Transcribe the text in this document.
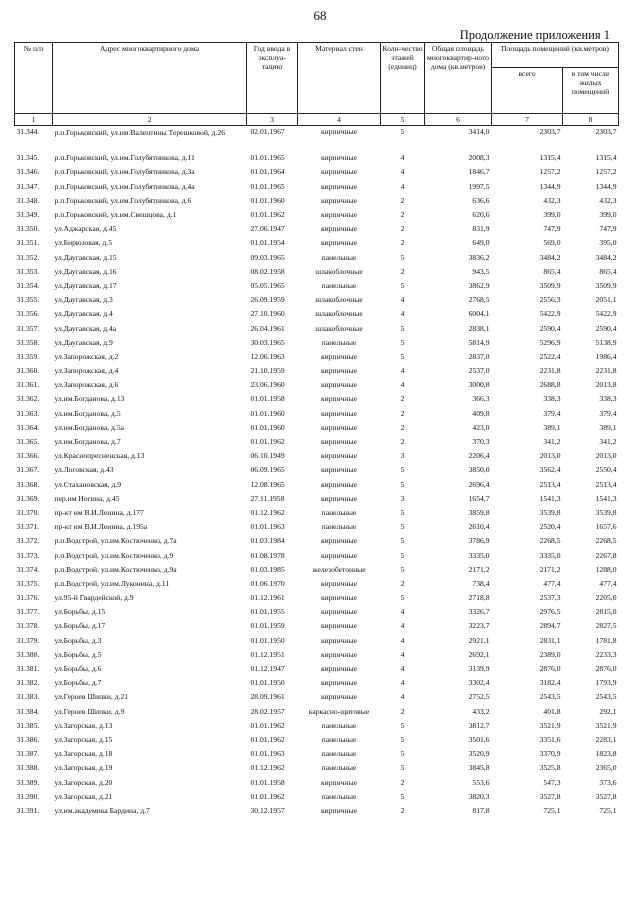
68
Продолжение приложения 1
№ п/п	Адрес многоквартирного дома	Год ввода в эксплуа-тацию	Материал стен	Коли-чество этажей (единиц)	Общая площадь многоквартир-ного дома (кв.метров)	Площадь помещений (кв.метров)	
						всего	в том числе жилых помещений
1	2	3	4	5	6	7	8
31.344.	р.п.Горьковский, ул.им.Валентины Терешковой, д.26	02.01.1967	кирпичные	5	3414,0	2303,7	2303,7
31.345.	р.п.Горьковский, ул.им.Голубятникова, д.11	01.01.1965	кирпичные	4	2008,3	1315,4	1315,4
31.346.	р.п.Горьковский, ул.им.Голубятникова, д.3а	01.01.1964	кирпичные	4	1846,7	1257,2	1257,2
31.347.	р.п.Горьковский, ул.им.Голубятникова, д.4а	01.01.1965	кирпичные	4	1997,5	1344,9	1344,9
31.348.	р.п.Горьковский, ул.им.Голубятникова, д.6	01.01.1960	кирпичные	2	636,6	432,3	432,3
31.349.	р.п.Горьковский, ул.им.Свешцова, д.1	01.01.1962	кирпичные	2	620,6	399,0	399,0
31.350.	ул.Аджарская, д.45	27.06.1947	кирпичные	2	831,9	747,9	747,9
31.351.	ул.Бирюзовая, д.5	01.01.1954	кирпичные	2	649,0	569,0	395,0
31.352.	ул.Даугавская, д.15	09.03.1965	панельные	5	3836,2	3484,2	3484,2
31.353.	ул.Даугавская, д.16	08.02.1958	шлакоблочные	2	943,5	865,4	865,4
31.354.	ул.Даугавская, д.17	05.05.1965	панельные	5	3862,9	3509,9	3509,9
31.355.	ул.Даугавская, д.3	26.09.1959	шлакоблочные	4	2768,5	2556,3	2051,1
31.356.	ул.Даугавская, д.4	27.10.1960	шлакоблочные	4	6004,1	5422,9	5422,9
31.357.	ул.Даугавская, д.4а	26.04.1961	шлакоблочные	5	2838,1	2590,4	2590,4
31.358.	ул.Даугавская, д.9	30.03.1965	панельные	5	5814,9	5296,9	5138,9
31.359.	ул.Запорожская, д.2	12.06.1963	кирпичные	5	2837,0	2522,4	1986,4
31.360.	ул.Запорожская, д.4	21.10.1959	кирпичные	4	2537,0	2231,8	2231,8
31.361.	ул.Запорожская, д.6	23.06.1960	кирпичные	4	3000,8	2688,8	2013,8
31.362.	ул.им.Богданова, д.13	01.01.1958	кирпичные	2	366,3	338,3	338,3
31.363.	ул.им.Богданова, д.5	01.01.1960	кирпичные	2	409,8	379,4	379,4
31.364.	ул.им.Богданова, д.5а	01.01.1960	кирпичные	2	423,0	389,1	389,1
31.365.	ул.им.Богданова, д.7	01.01.1962	кирпичные	2	370,3	341,2	341,2
31.366.	ул.Краснопресненская, д.13	06.10.1949	кирпичные	3	2206,4	2013,0	2013,0
31.367.	ул.Логовская, д.43	06.09.1965	кирпичные	5	3850,0	3562,4	2550,4
31.368.	ул.Стахановская, д.9	12.08.1965	кирпичные	5	2696,4	2513,4	2513,4
31.369.	пер.им Ногина, д.45	27.11.1958	кирпичные	3	1654,7	1541,3	1541,3
31.370.	пр-кт им В.И.Ленина, д.177	01.12.1962	панельные	5	3859,8	3539,8	3539,8
31.371.	пр-кт им В.И.Ленина, д.195а	01.01.1963	панельные	5	2610,4	2520,4	1657,6
31.372.	р.п.Водстрой, ул.им.Костюченко, д.7а	01.03.1984	кирпичные	5	3786,9	2268,5	2268,5
31.373.	р.п.Водстрой, ул.им.Костюченко, д.9	01.08.1978	кирпичные	5	3335,0	3335,0	2267,8
31.374.	р.п.Водстрой, ул.им.Костюченко, д.9а	01.03.1985	железобетонные	5	2171,2	2171,2	1288,0
31.375.	р.п.Водстрой, ул.им.Луконина, д.11	01.06.1970	кирпичные	2	738,4	477,4	477,4
31.376.	ул.95-й Гвардейской, д.9	01.12.1961	кирпичные	5	2718,8	2537,3	2205,0
31.377.	ул.Борьбы, д.15	01.01.1955	кирпичные	4	3326,7	2976,5	2815,0
31.378.	ул.Борьбы, д.17	01.01.1959	кирпичные	4	3223,7	2894,7	2827,5
31.379.	ул.Борьбы, д.3	01.01.1950	кирпичные	4	2921,1	2831,1	1781,8
31.380.	ул.Борьбы, д.5	01.12.1951	кирпичные	4	2692,1	2389,0	2233,3
31.381.	ул.Борьбы, д.6	01.12.1947	кирпичные	4	3139,9	2876,0	2876,0
31.382.	ул.Борьбы, д.7	01.01.1950	кирпичные	4	3302,4	3182,4	1793,9
31.383.	ул.Героев Шипки, д.21	28.09.1961	кирпичные	4	2752,5	2543,5	2543,5
31.384.	ул.Героев Шипки, д.9	28.02.1957	каркасно-щитовые	2	433,2	401,8	292,1
31.385.	ул.Загорская, д.13	01.01.1962	панельные	5	3812,7	3521,9	3521,9
31.386.	ул.Загорская, д.15	01.01.1962	панельные	5	3501,6	3351,6	2283,1
31.387.	ул.Загорская, д.18	01.01.1963	панельные	5	3520,9	3370,9	1823,8
31.388.	ул.Загорская, д.19	01.12.1962	панельные	5	3845,8	3525,8	2365,0
31.389.	ул.Загорская, д.20	01.01.1958	кирпичные	2	553,6	547,3	373,6
31.390.	ул.Загорская, д.21	01.01.1962	панельные	5	3820,3	3527,8	3527,8
31.391.	ул.им.академика Бардина, д.7	30.12.1957	кирпичные	2	817,8	725,1	725,1
